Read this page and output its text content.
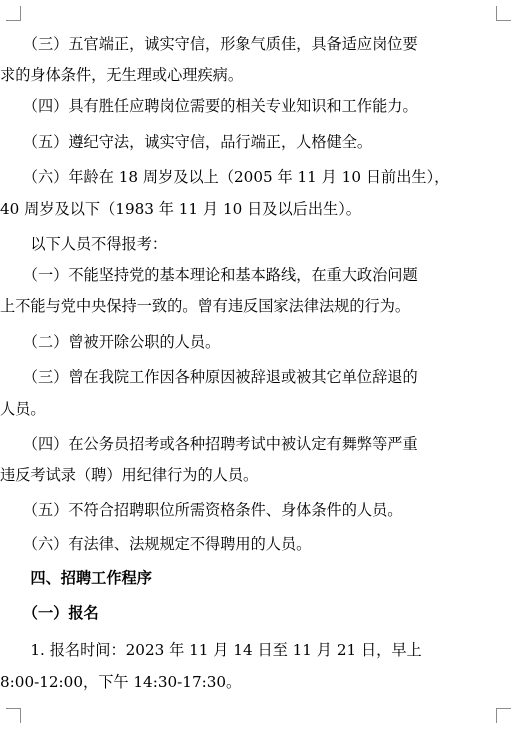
　　（三）五官端正，诚实守信，形象气质佳，具备适应岗位要
求的身体条件，无生理或心理疾病。
　　（四）具有胜任应聘岗位需要的相关专业知识和工作能力。
　　（五）遵纪守法，诚实守信，品行端正，人格健全。
　　（六）年龄在 18 周岁及以上（2005 年 11 月 10 日前出生），
40 周岁及以下（1983 年 11 月 10 日及以后出生）。
　　以下人员不得报考：
　　（一）不能坚持党的基本理论和基本路线，在重大政治问题
上不能与党中央保持一致的。曾有违反国家法律法规的行为。
　　（二）曾被开除公职的人员。
　　（三）曾在我院工作因各种原因被辞退或被其它单位辞退的
人员。
　　（四）在公务员招考或各种招聘考试中被认定有舞弊等严重
违反考试录（聘）用纪律行为的人员。
　　（五）不符合招聘职位所需资格条件、身体条件的人员。
　　（六）有法律、法规规定不得聘用的人员。
　　四、招聘工作程序
　　（一）报名
　　1. 报名时间：2023 年 11 月 14 日至 11 月 21 日，早上
8:00-12:00，下午 14:30-17:30。
